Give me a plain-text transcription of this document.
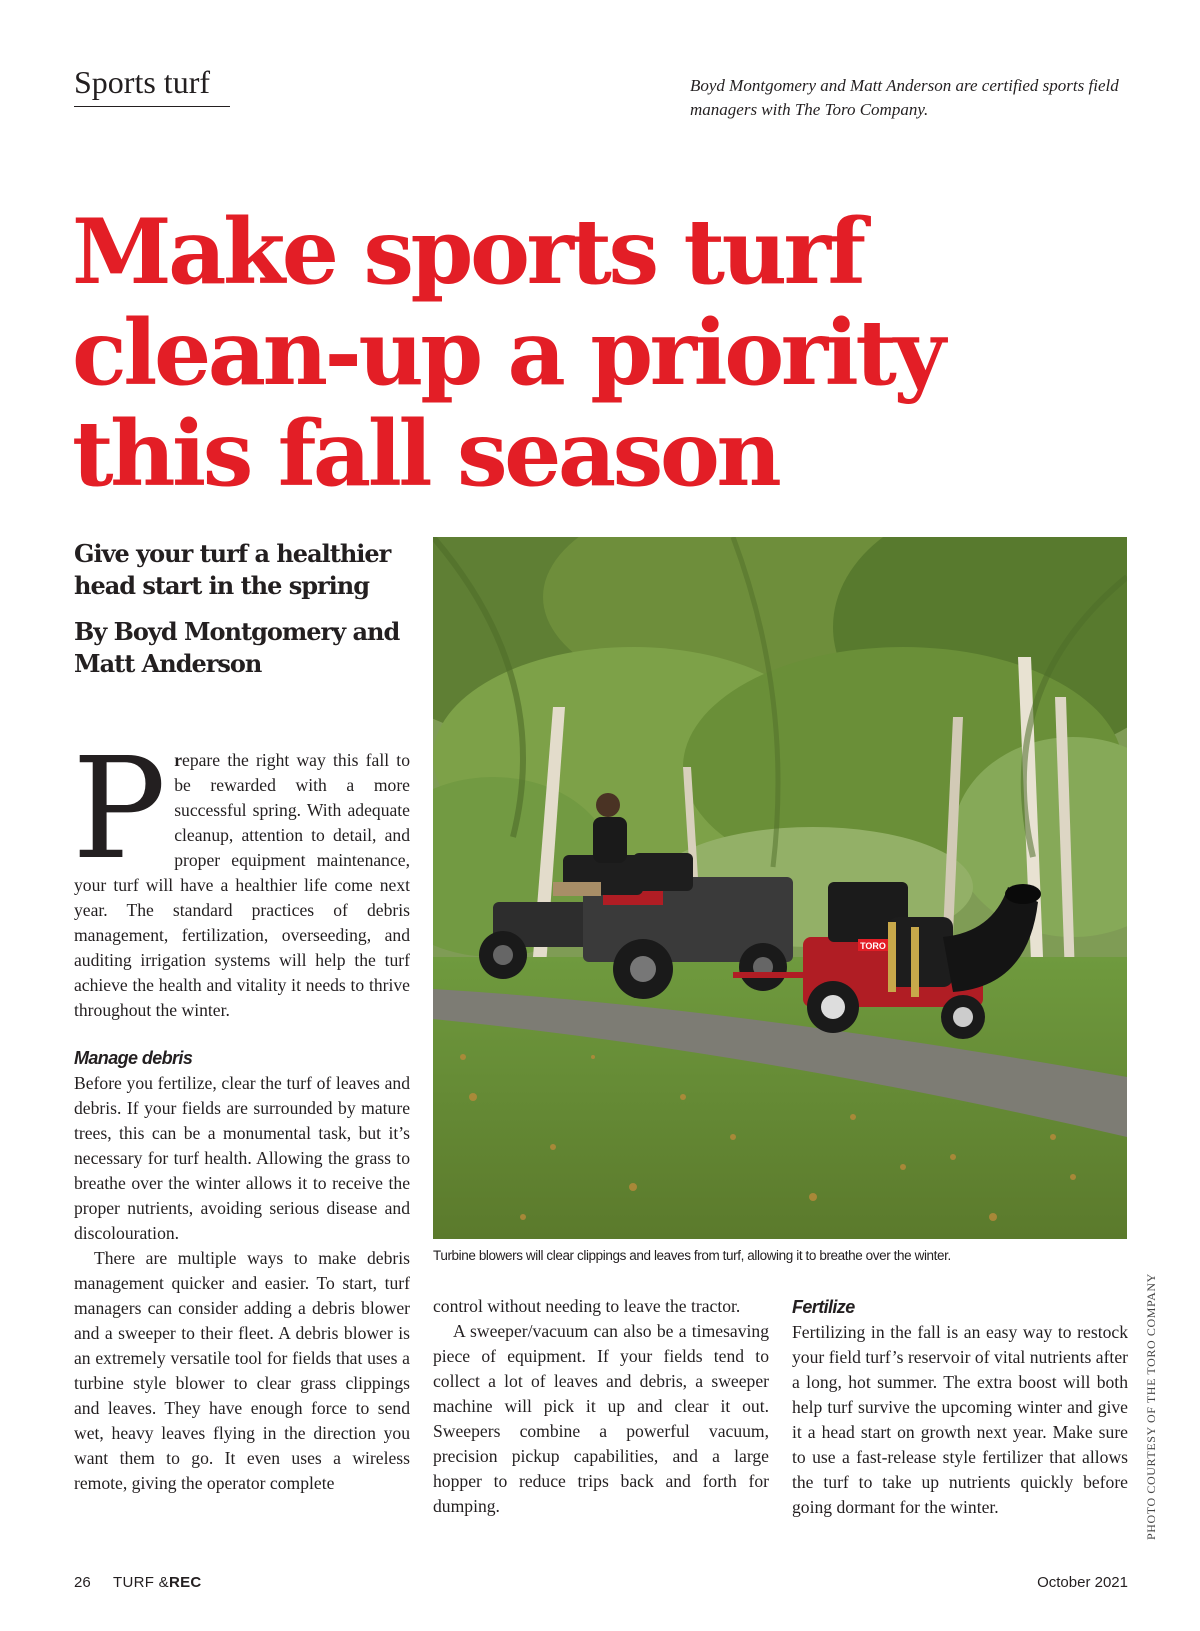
Sports turf	Boyd Montgomery and Matt Anderson are certified sports field managers with The Toro Company.
Make sports turf
clean-up a priority
this fall season
Give your turf a healthier head start in the spring
By Boyd Montgomery and Matt Anderson
TORO
Turbine blowers will clear clippings and leaves from turf, allowing it to breathe over the winter.
PHOTO COURTESY OF THE TORO COMPANY

Prepare the right way this fall to be rewarded with a more successful spring. With adequate cleanup, attention to detail, and proper equipment maintenance, your turf will have a healthier life come next year. The standard practices of debris management, fertilization, overseeding, and auditing irrigation systems will help the turf achieve the health and vitality it needs to thrive throughout the winter.

Manage debris

Before you fertilize, clear the turf of leaves and debris. If your fields are surrounded by mature trees, this can be a monumental task, but it’s necessary for turf health. Allowing the grass to breathe over the winter allows it to receive the proper nutrients, avoiding serious disease and discolouration.

There are multiple ways to make debris management quicker and easier. To start, turf managers can consider adding a debris blower and a sweeper to their fleet. A debris blower is an extremely versatile tool for fields that uses a turbine style blower to clear grass clippings and leaves. They have enough force to send wet, heavy leaves flying in the direction you want them to go. It even uses a wireless remote, giving the operator complete

control without needing to leave the tractor.

A sweeper/vacuum can also be a timesaving piece of equipment. If your fields tend to collect a lot of leaves and debris, a sweeper machine will pick it up and clear it out. Sweepers combine a powerful vacuum, precision pickup capabilities, and a large hopper to reduce trips back and forth for dumping.

Fertilize

Fertilizing in the fall is an easy way to restock your field turf’s reservoir of vital nutrients after a long, hot summer. The extra boost will both help turf survive the upcoming winter and give it a head start on growth next year. Make sure to use a fast-release style fertilizer that allows the turf to take up nutrients quickly before going dormant for the winter.

26 TURF &REC	October 2021
